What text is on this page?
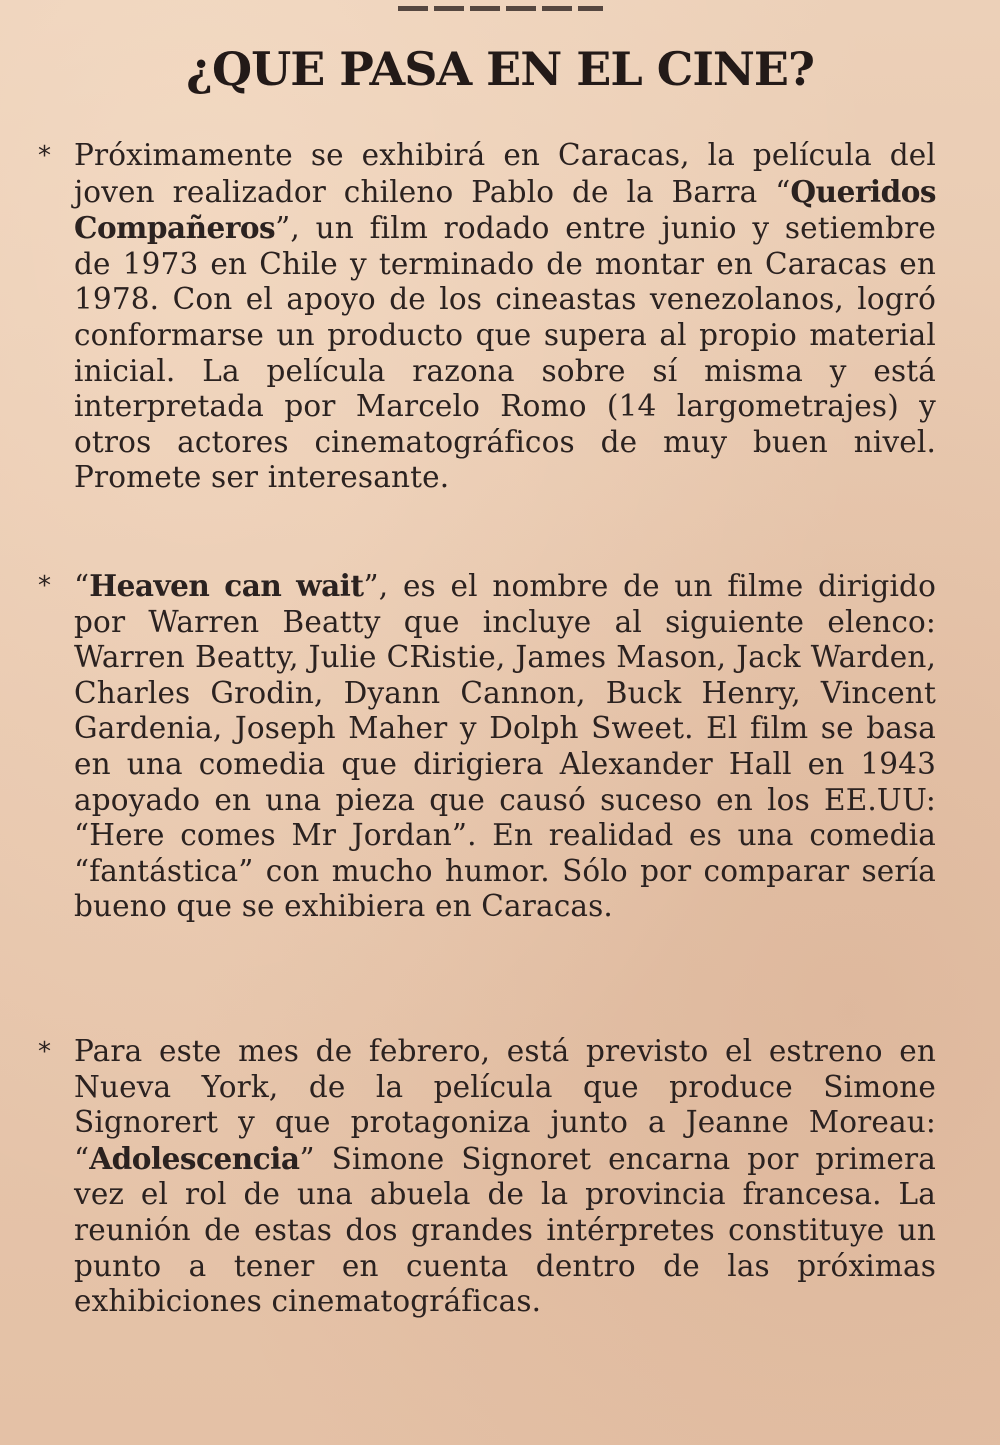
¿QUE PASA EN EL CINE?
* Próximamente se exhibirá en Caracas, la película del joven realizador chileno Pablo de la Barra “Queridos Compañeros”, un film rodado entre junio y setiembre de 1973 en Chile y terminado de montar en Caracas en 1978. Con el apoyo de los cineastas venezolanos, logró conformarse un producto que supera al propio material inicial. La película razona sobre sí misma y está interpretada por Marcelo Romo (14 largometrajes) y otros actores cinematográficos de muy buen nivel. Promete ser interesante.

* “Heaven can wait”, es el nombre de un filme dirigido por Warren Beatty que incluye al siguiente elenco: Warren Beatty, Julie CRistie, James Mason, Jack Warden, Charles Grodin, Dyann Cannon, Buck Henry, Vincent Gardenia, Joseph Maher y Dolph Sweet. El film se basa en una comedia que dirigiera Alexander Hall en 1943 apoyado en una pieza que causó suceso en los EE.UU: “Here comes Mr Jordan”. En realidad es una comedia “fantástica” con mucho humor. Sólo por comparar sería bueno que se exhibiera en Caracas.

* Para este mes de febrero, está previsto el estreno en Nueva York, de la película que produce Simone Signorert y que protagoniza junto a Jeanne Moreau: “Adolescencia” Simone Signoret encarna por primera vez el rol de una abuela de la provincia francesa. La reunión de estas dos grandes intérpretes constituye un punto a tener en cuenta dentro de las próximas exhibiciones cinematográficas.
